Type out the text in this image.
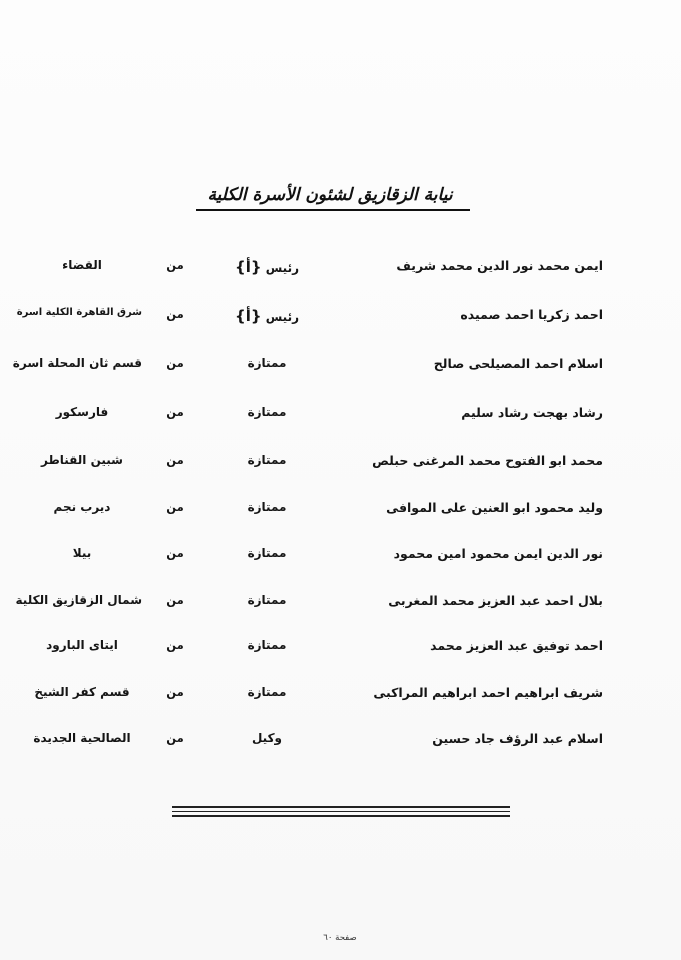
نيابة الزقازيق لشئون الأسرة الكلية
ايمن محمد نور الدين محمد شريف
رئيس {أ}
من
القضاء
احمد زكريا احمد صميده
رئيس {أ}
من
شرق القاهرة الكلية اسرة
اسلام احمد المصيلحى صالح
ممتازة
من
قسم ثان المحلة اسرة
رشاد بهجت رشاد سليم
ممتازة
من
فارسكور
محمد ابو الفتوح محمد المرغنى حبلص
ممتازة
من
شبين القناطر
وليد محمود ابو العنين على الموافى
ممتازة
من
ديرب نجم
نور الدين ايمن محمود امين محمود
ممتازة
من
بيلا
بلال احمد عبد العزيز محمد المغربى
ممتازة
من
شمال الزقازيق الكلية
احمد توفيق عبد العزيز محمد
ممتازة
من
ايتاى البارود
شريف ابراهيم احمد ابراهيم المراكبى
ممتازة
من
قسم كفر الشيخ
اسلام عبد الرؤف جاد حسين
وكيل
من
الصالحية الجديدة
صفحة ٦٠
